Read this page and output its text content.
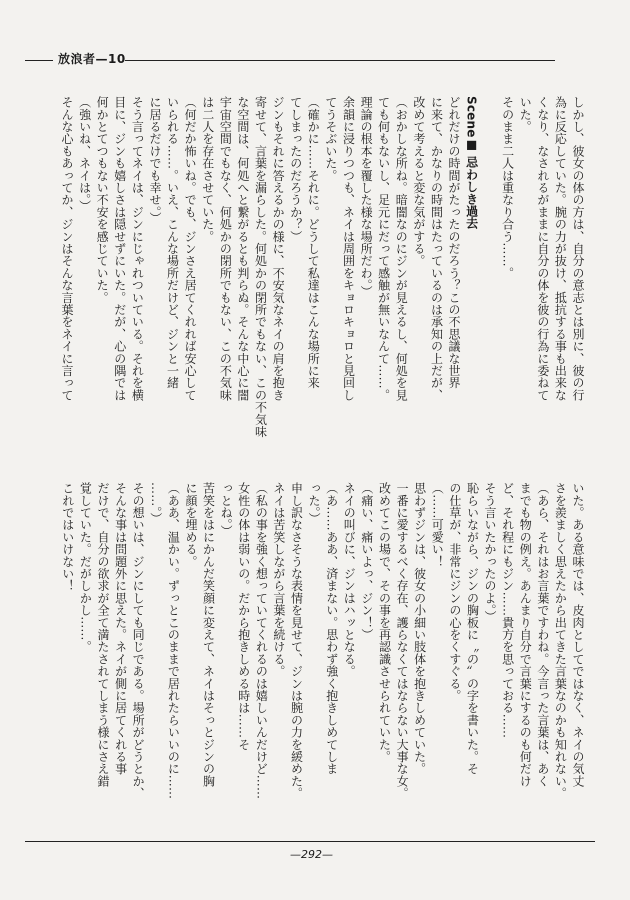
放浪者—10

しかし、彼女の体の方は、自分の意志とは別に、彼の行

為に反応していた。腕の力が抜け、抵抗する事も出来な

くなり、なされるがままに自分の体を彼の行為に委ねて

いた。

そのまま二人は重なり合う……。

Scene■ 忌わしき過去

どれだけの時間がたったのだろう？この不思議な世界

に来て、かなりの時間はたっているのは承知の上だが、

改めて考えると変な気がする。

（おかしな所ね。暗闇なのにジンが見えるし、何処を見

ても何もないし、足元にだって感触が無いなんて……。

理論の根本を覆した様な場所だわ。）

余韻に浸りつつも、ネイは周囲をキョロキョロと見回し

てうそぶいた。

（確かに……それに。どうして私達はこんな場所に来

てしまったのだろうか？）

ジンもそれに答えるかの様に、不安気なネイの肩を抱き

寄せて、言葉を漏らした。何処かの閉所でもない、この不気味

な空間は、何処へと繋がるとも判らぬ。そんな中心に闇

宇宙空間でもなく、何処かの閉所でもない、この不気味

は二人を存在させていた。

（何だか怖いね。でも、ジンさえ居てくれれば安心して

いられる……。いえ、こんな場所だけど、ジンと一緒

に居るだけでも幸せ。）

そう言ってネイは、ジンにじゃれついている。それを横

目に、ジンも嬉しさは隠せずにいた。だが、心の隅では

何かとてつもない不安を感じていた。

（強いね、ネイは。）

そんな心もあってか、ジンはそんな言葉をネイに言って

いた。ある意味では、皮肉としてではなく、ネイの気丈

さを羨ましく思えたから出てきた言葉なのかも知れない。

（あら、それはお言葉ですわね。今言った言葉は、あく

までも物の例え。あんまり自分で言葉にするのも何だけ

ど、それ程にもジン……貴方を思っておる……

そう言いたかったのよ。）

恥らいながら、ジンの胸板に〝の〟の字を書いた。そ

の仕草が、非常にジンの心をくすぐる。

（……可愛い！

思わずジンは、彼女の小細い肢体を抱きしめていた。

一番に愛するべく存在、護らなくてはならない大事な女。

改めてこの場で、その事を再認識させられていた。

（痛い、痛いよっ、ジン！）

ネイの叫びに、ジンはハッとなる。

（あ……ああ、済まない。思わず強く抱きしめてしま

った。）

申し訳なさそうな表情を見せて、ジンは腕の力を緩めた。

ネイは苦笑しながら言葉を続ける。

（私の事を強く想っていてくれるのは嬉しいんだけど……

女性の体は弱いの。だから抱きしめる時は……そ

っとね。）

苦笑をはにかんだ笑顔に変えて、ネイはそっとジンの胸

に顔を埋める。

（ああ、温かい。ずっとこのままで居れたらいいのに……

……。）

その想いは、ジンにしても同じである。場所がどうとか、

そんな事は問題外に思えた。ネイが側に居てくれる事

だけで、自分の欲求が全て満たされてしまう様にさえ錯

覚していた。だがしかし……。

これではいけない！

—292—
